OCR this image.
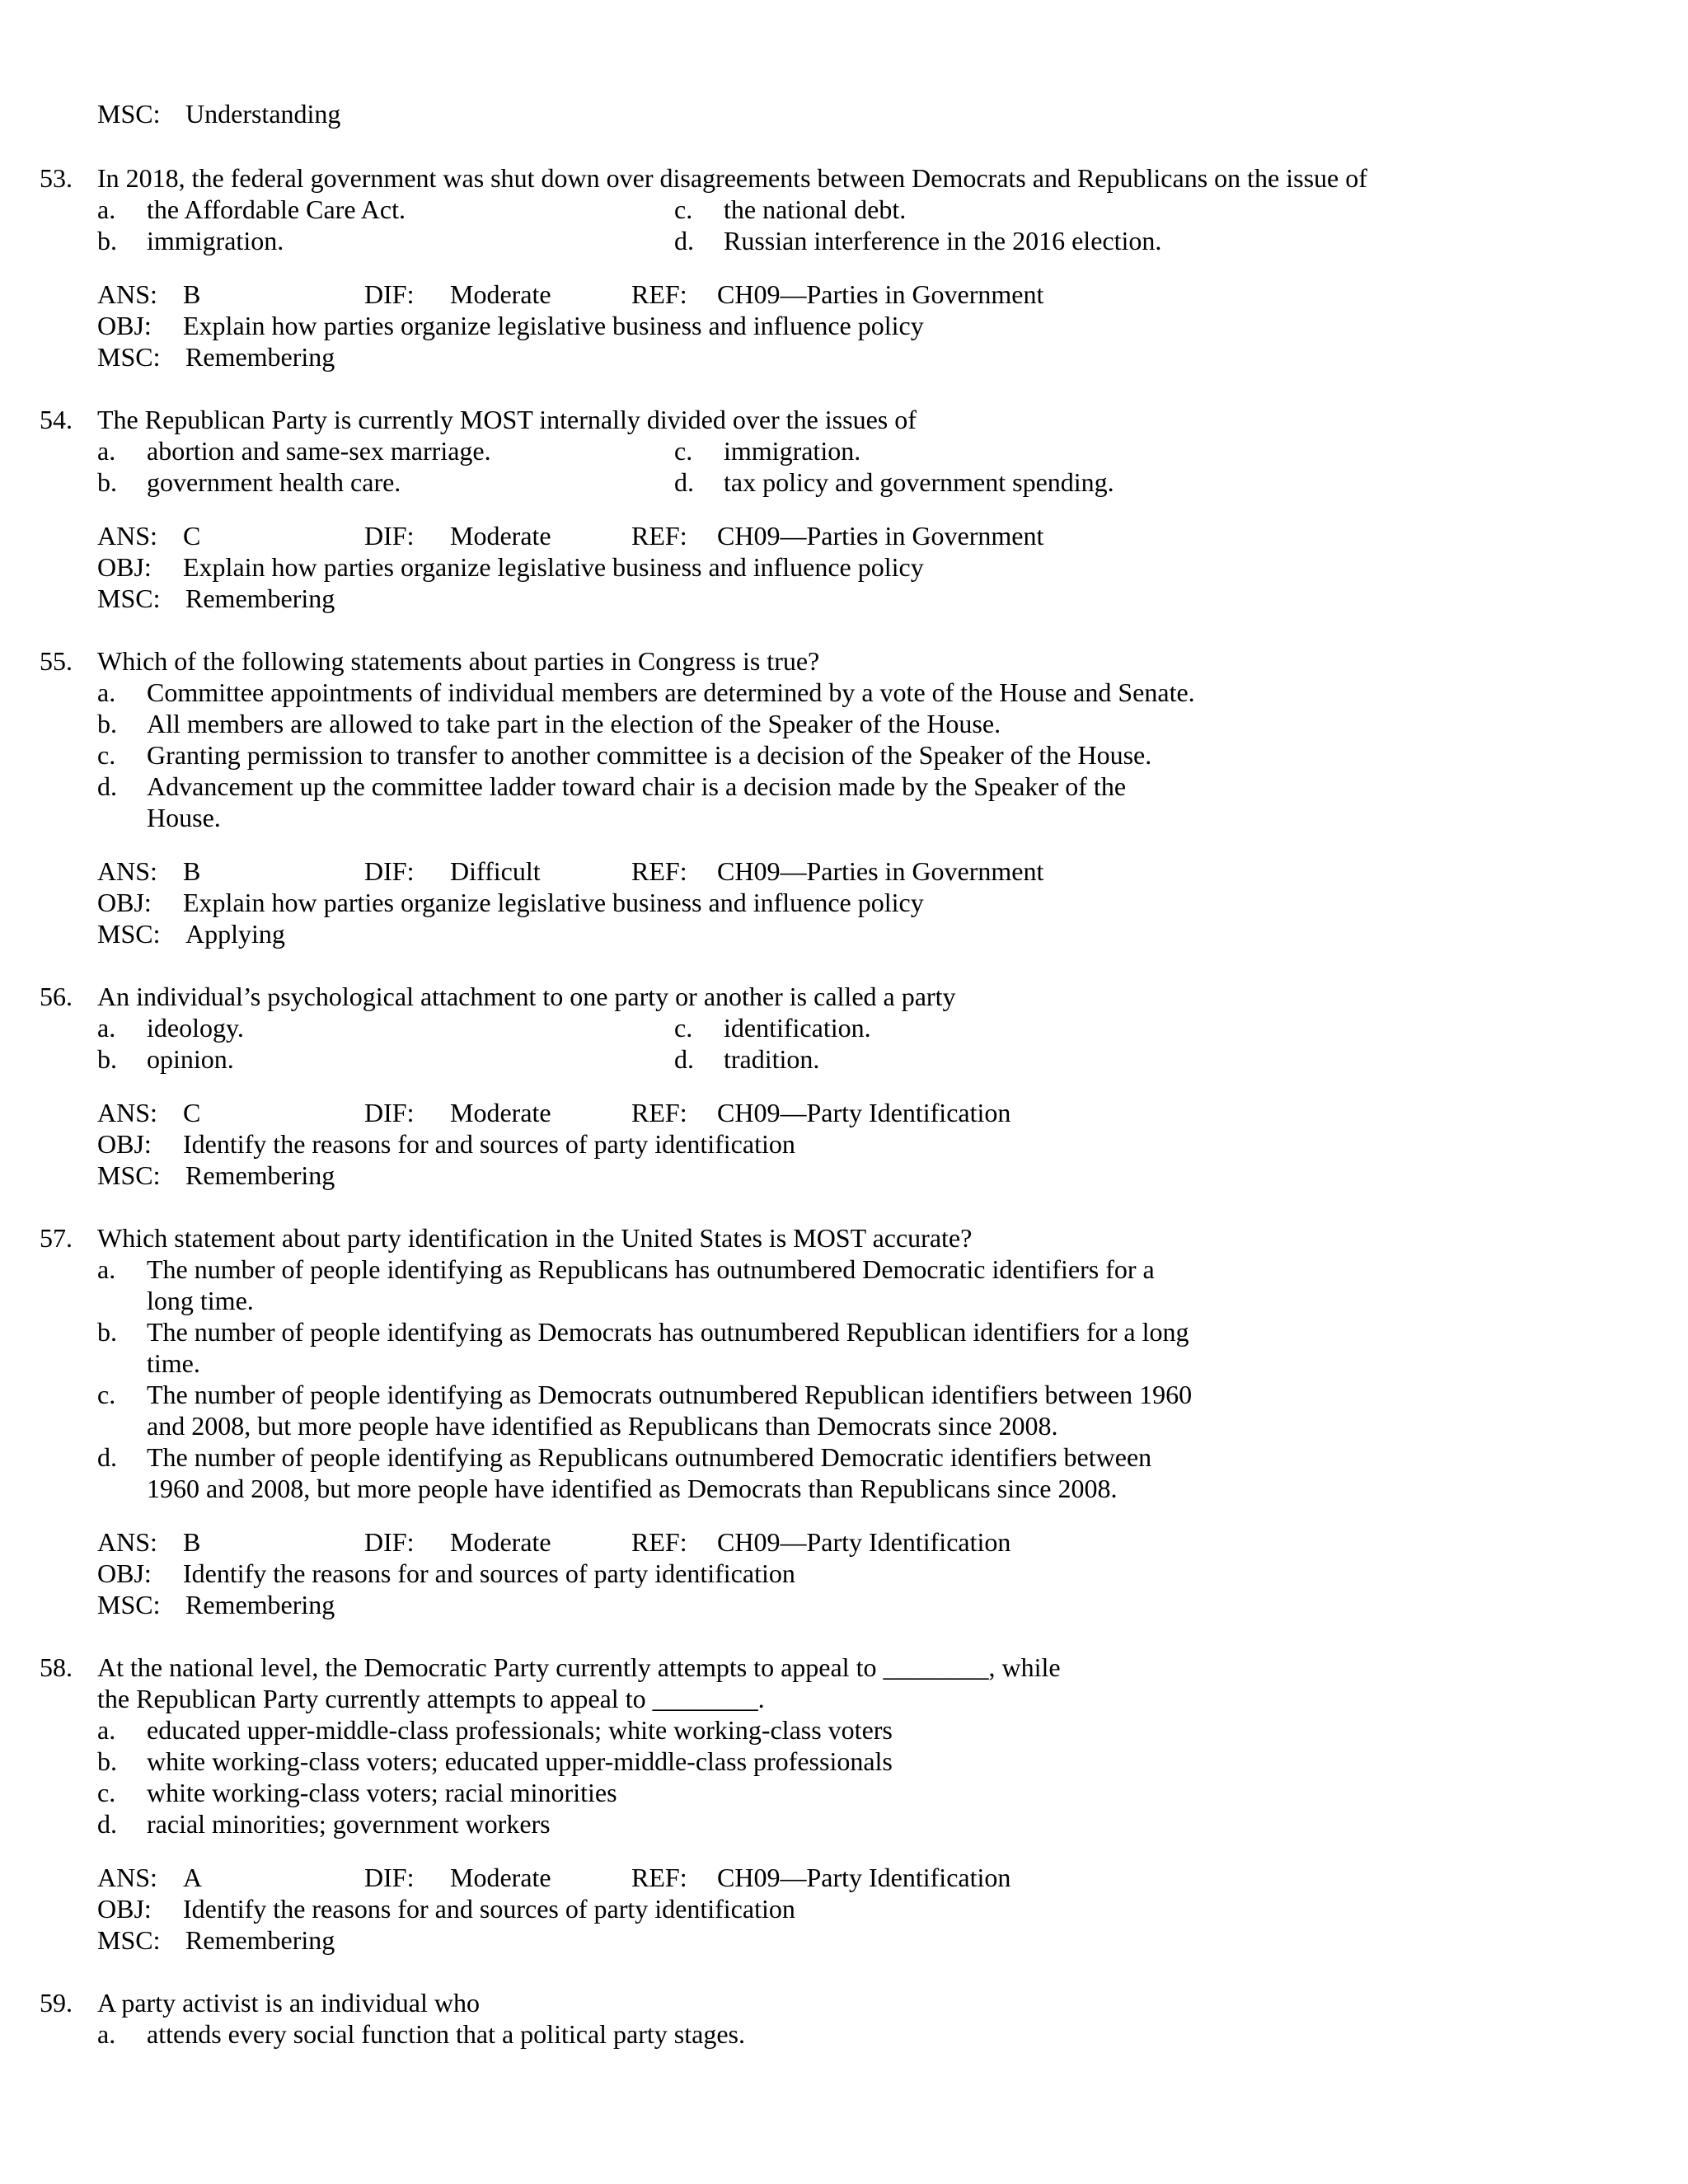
MSC: Understanding
53. In 2018, the federal government was shut down over disagreements between Democrats and Republicans on the issue of
a. the Affordable Care Act.
b. immigration.
c. the national debt.
d. Russian interference in the 2016 election.
ANS: B	DIF: Moderate	REF: CH09—Parties in Government
OBJ: Explain how parties organize legislative business and influence policy
MSC: Remembering
54. The Republican Party is currently MOST internally divided over the issues of
a. abortion and same-sex marriage.
b. government health care.
c. immigration.
d. tax policy and government spending.
ANS: C	DIF: Moderate	REF: CH09—Parties in Government
OBJ: Explain how parties organize legislative business and influence policy
MSC: Remembering
55. Which of the following statements about parties in Congress is true?
a. Committee appointments of individual members are determined by a vote of the House and Senate.
b. All members are allowed to take part in the election of the Speaker of the House.
c. Granting permission to transfer to another committee is a decision of the Speaker of the House.
d. Advancement up the committee ladder toward chair is a decision made by the Speaker of the
House.
ANS: B	DIF: Difficult	REF: CH09—Parties in Government
OBJ: Explain how parties organize legislative business and influence policy
MSC: Applying
56. An individual’s psychological attachment to one party or another is called a party
a. ideology.
b. opinion.
c. identification.
d. tradition.
ANS: C	DIF: Moderate	REF: CH09—Party Identification
OBJ: Identify the reasons for and sources of party identification
MSC: Remembering
57. Which statement about party identification in the United States is MOST accurate?
a. The number of people identifying as Republicans has outnumbered Democratic identifiers for a
long time.
b. The number of people identifying as Democrats has outnumbered Republican identifiers for a long
time.
c. The number of people identifying as Democrats outnumbered Republican identifiers between 1960
and 2008, but more people have identified as Republicans than Democrats since 2008.
d. The number of people identifying as Republicans outnumbered Democratic identifiers between
1960 and 2008, but more people have identified as Democrats than Republicans since 2008.
ANS: B	DIF: Moderate	REF: CH09—Party Identification
OBJ: Identify the reasons for and sources of party identification
MSC: Remembering
58. At the national level, the Democratic Party currently attempts to appeal to ________, while
the Republican Party currently attempts to appeal to ________.
a. educated upper-middle-class professionals; white working-class voters
b. white working-class voters; educated upper-middle-class professionals
c. white working-class voters; racial minorities
d. racial minorities; government workers
ANS: A	DIF: Moderate	REF: CH09—Party Identification
OBJ: Identify the reasons for and sources of party identification
MSC: Remembering
59. A party activist is an individual who
a. attends every social function that a political party stages.
